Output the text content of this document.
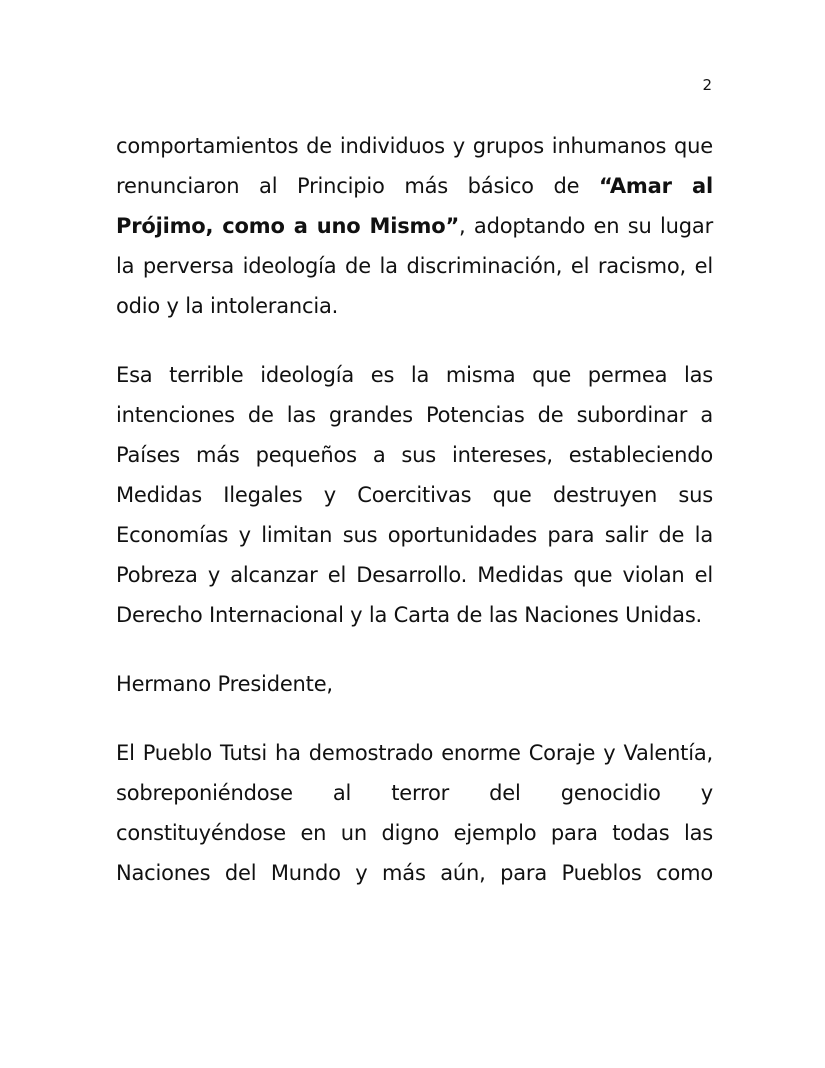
2

comportamientos de individuos y grupos inhumanos que renunciaron al Principio más básico de “Amar al Prójimo, como a uno Mismo”, adoptando en su lugar la perversa ideología de la discriminación, el racismo, el odio y la intolerancia.

Esa terrible ideología es la misma que permea las intenciones de las grandes Potencias de subordinar a Países más pequeños a sus intereses, estableciendo Medidas Ilegales y Coercitivas que destruyen sus Economías y limitan sus oportunidades para salir de la Pobreza y alcanzar el Desarrollo. Medidas que violan el Derecho Internacional y la Carta de las Naciones Unidas.

Hermano Presidente,

El Pueblo Tutsi ha demostrado enorme Coraje y Valentía, sobreponiéndose al terror del genocidio y constituyéndose en un digno ejemplo para todas las Naciones del Mundo y más aún, para Pueblos como
